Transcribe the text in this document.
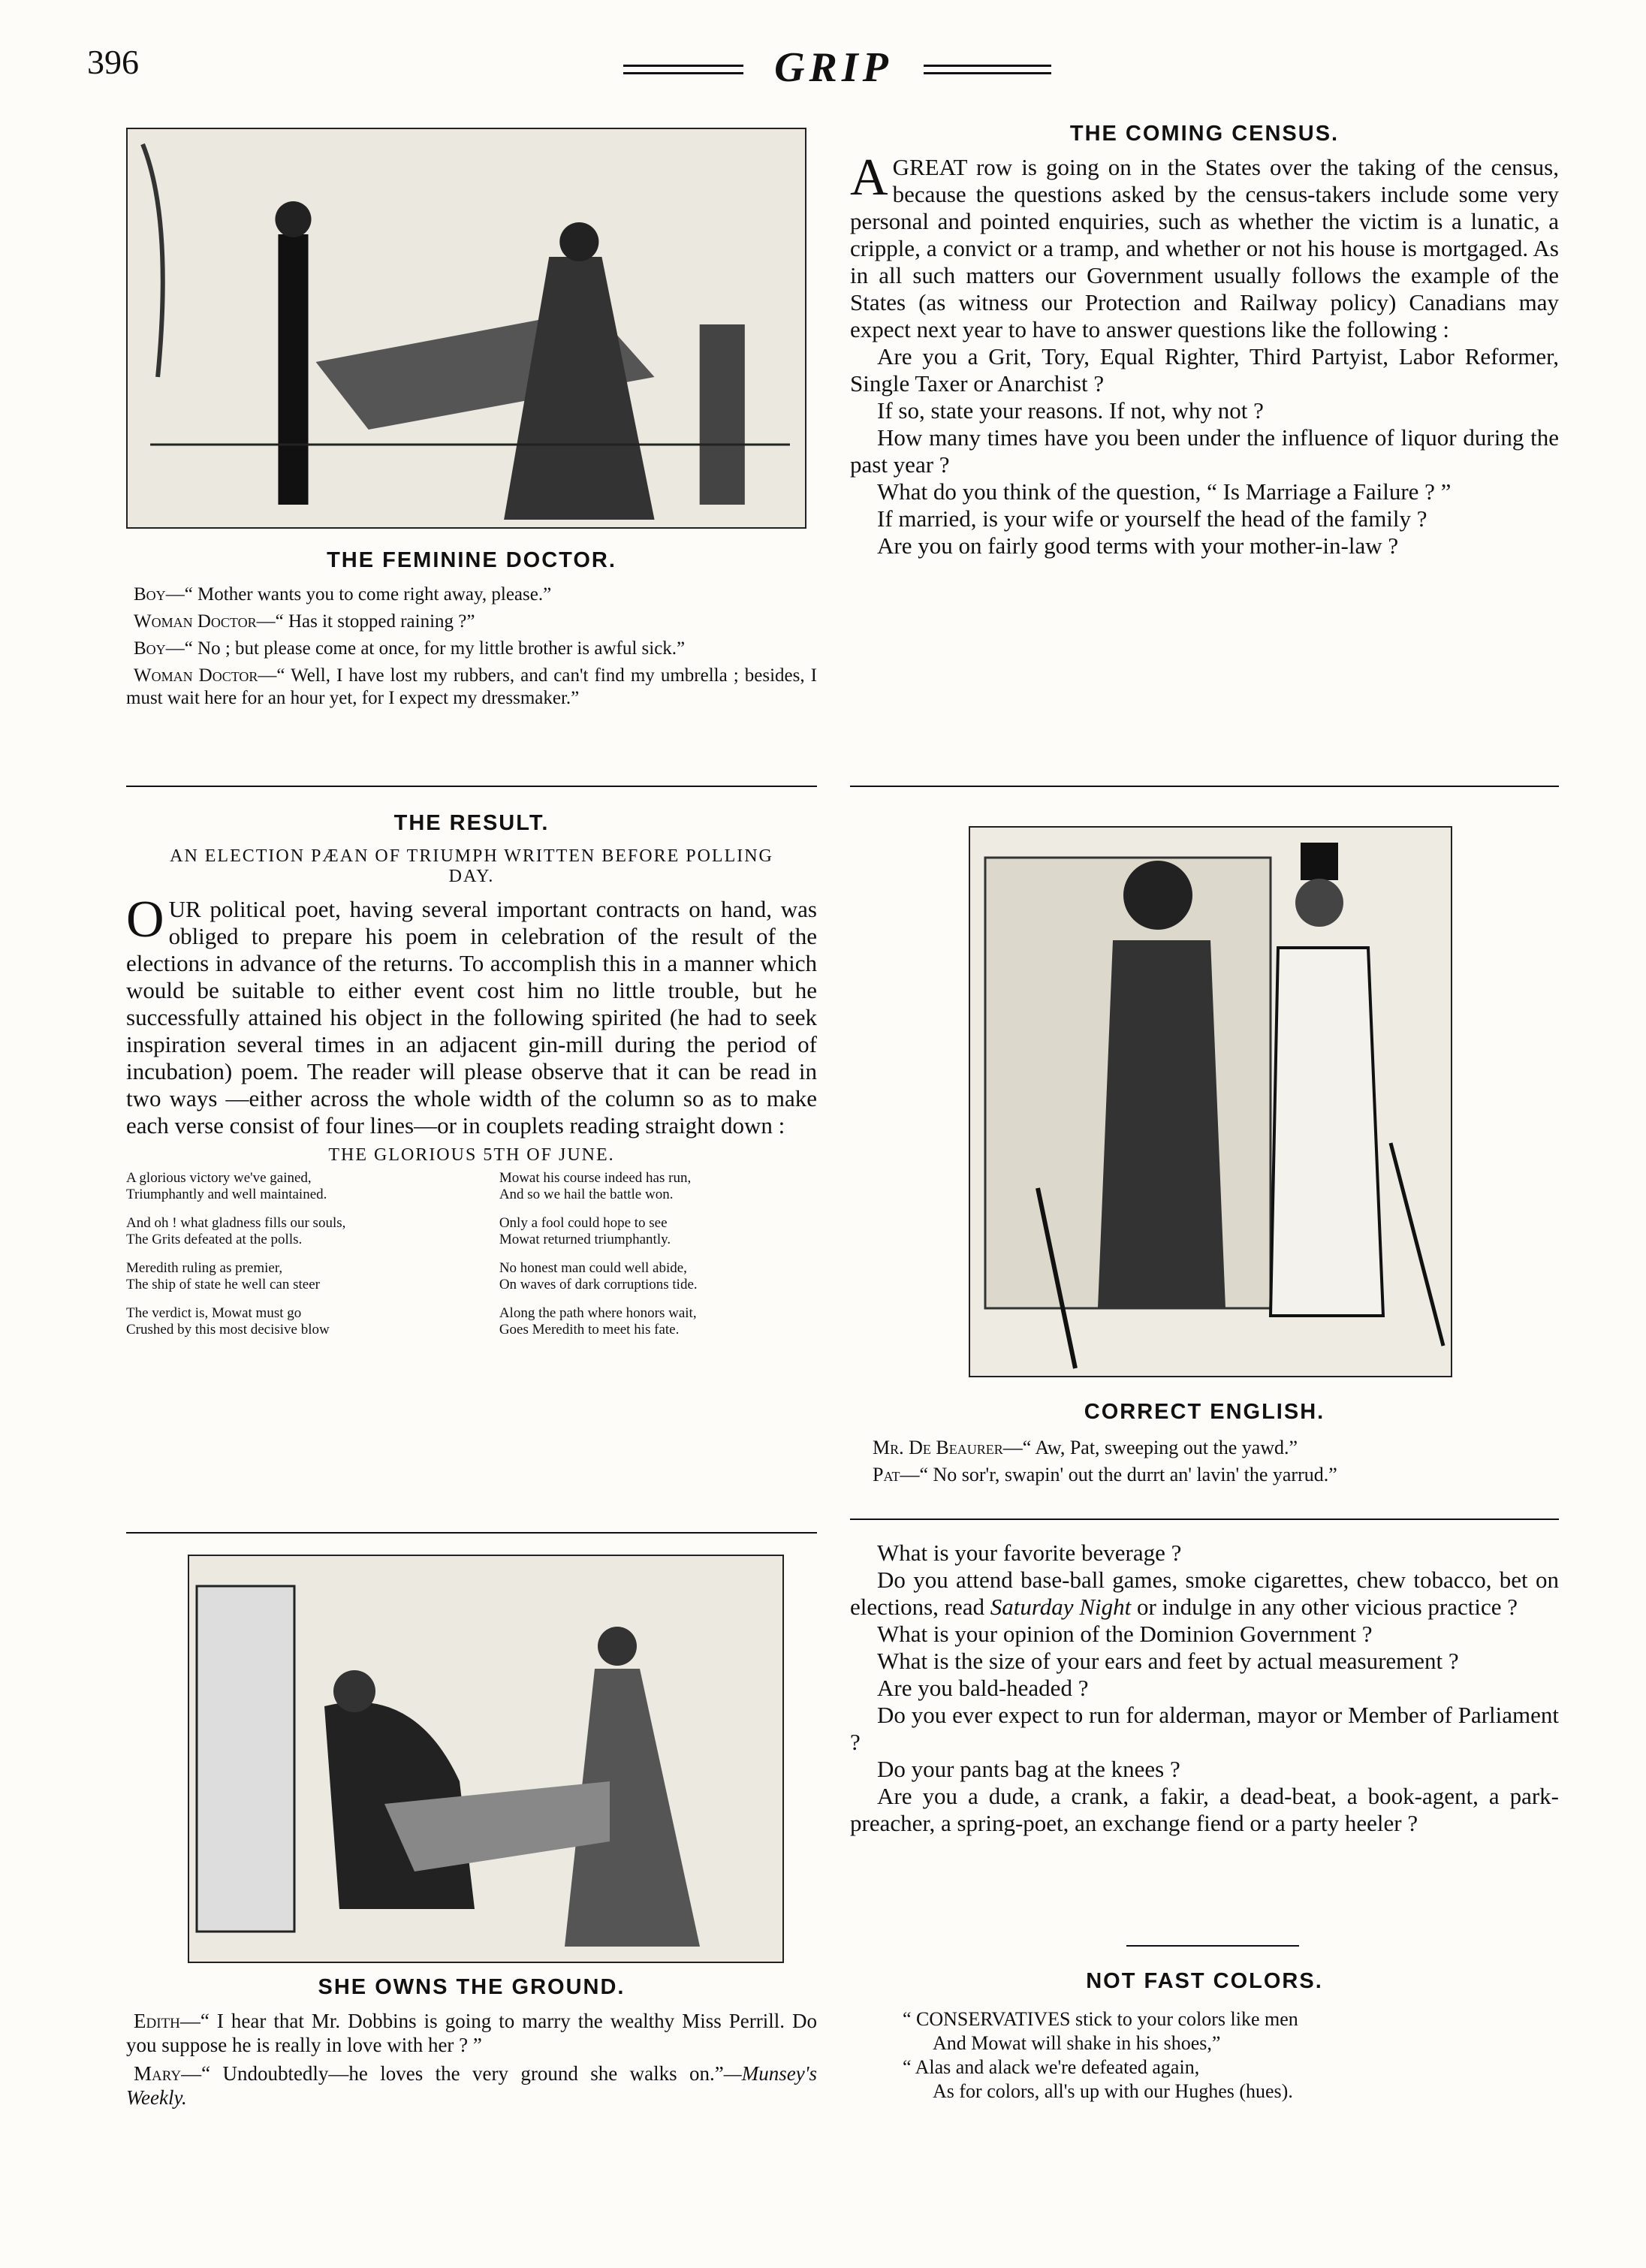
396	GRIP
THE FEMININE DOCTOR.

Boy—“ Mother wants you to come right away, please.”

Woman Doctor—“ Has it stopped raining ?”

Boy—“ No ; but please come at once, for my little brother is awful sick.”

Woman Doctor—“ Well, I have lost my rubbers, and can't find my umbrella ; besides, I must wait here for an hour yet, for I expect my dressmaker.”

THE RESULT.
AN ELECTION PÆAN OF TRIUMPH WRITTEN BEFORE POLLING DAY.

OUR political poet, having several important contracts on hand, was obliged to prepare his poem in celebration of the result of the elections in advance of the returns. To accomplish this in a manner which would be suitable to either event cost him no little trouble, but he successfully attained his object in the following spirited (he had to seek inspiration several times in an adjacent gin-mill during the period of incubation) poem. The reader will please observe that it can be read in two ways —either across the whole width of the column so as to make each verse consist of four lines—or in couplets reading straight down :

THE GLORIOUS 5TH OF JUNE.
A glorious victory we've gained,
Triumphantly and well maintained.
Mowat his course indeed has run,
And so we hail the battle won.
And oh ! what gladness fills our souls,
The Grits defeated at the polls.
Only a fool could hope to see
Mowat returned triumphantly.
Meredith ruling as premier,
The ship of state he well can steer
No honest man could well abide,
On waves of dark corruptions tide.
The verdict is, Mowat must go
Crushed by this most decisive blow
Along the path where honors wait,
Goes Meredith to meet his fate.
SHE OWNS THE GROUND.

Edith—“ I hear that Mr. Dobbins is going to marry the wealthy Miss Perrill. Do you suppose he is really in love with her ? ”

Mary—“ Undoubtedly—he loves the very ground she walks on.”—Munsey's Weekly.

THE COMING CENSUS.

AGREAT row is going on in the States over the taking of the census, because the questions asked by the census-takers include some very personal and pointed enquiries, such as whether the victim is a lunatic, a cripple, a convict or a tramp, and whether or not his house is mortgaged. As in all such matters our Government usually follows the example of the States (as witness our Protection and Railway policy) Canadians may expect next year to have to answer questions like the following :

Are you a Grit, Tory, Equal Righter, Third Partyist, Labor Reformer, Single Taxer or Anarchist ?

If so, state your reasons. If not, why not ?

How many times have you been under the influence of liquor during the past year ?

What do you think of the question, “ Is Marriage a Failure ? ”

If married, is your wife or yourself the head of the family ?

Are you on fairly good terms with your mother-in-law ?

CORRECT ENGLISH.

Mr. De Beaurer—“ Aw, Pat, sweeping out the yawd.”

Pat—“ No sor'r, swapin' out the durrt an' lavin' the yarrud.”

What is your favorite beverage ?

Do you attend base-ball games, smoke cigarettes, chew tobacco, bet on elections, read Saturday Night or indulge in any other vicious practice ?

What is your opinion of the Dominion Government ?

What is the size of your ears and feet by actual measurement ?

Are you bald-headed ?

Do you ever expect to run for alderman, mayor or Member of Parliament ?

Do your pants bag at the knees ?

Are you a dude, a crank, a fakir, a dead-beat, a book-agent, a park-preacher, a spring-poet, an exchange fiend or a party heeler ?

NOT FAST COLORS.
“ CONSERVATIVES stick to your colors like men
And Mowat will shake in his shoes,”
“ Alas and alack we're defeated again,
As for colors, all's up with our Hughes (hues).
